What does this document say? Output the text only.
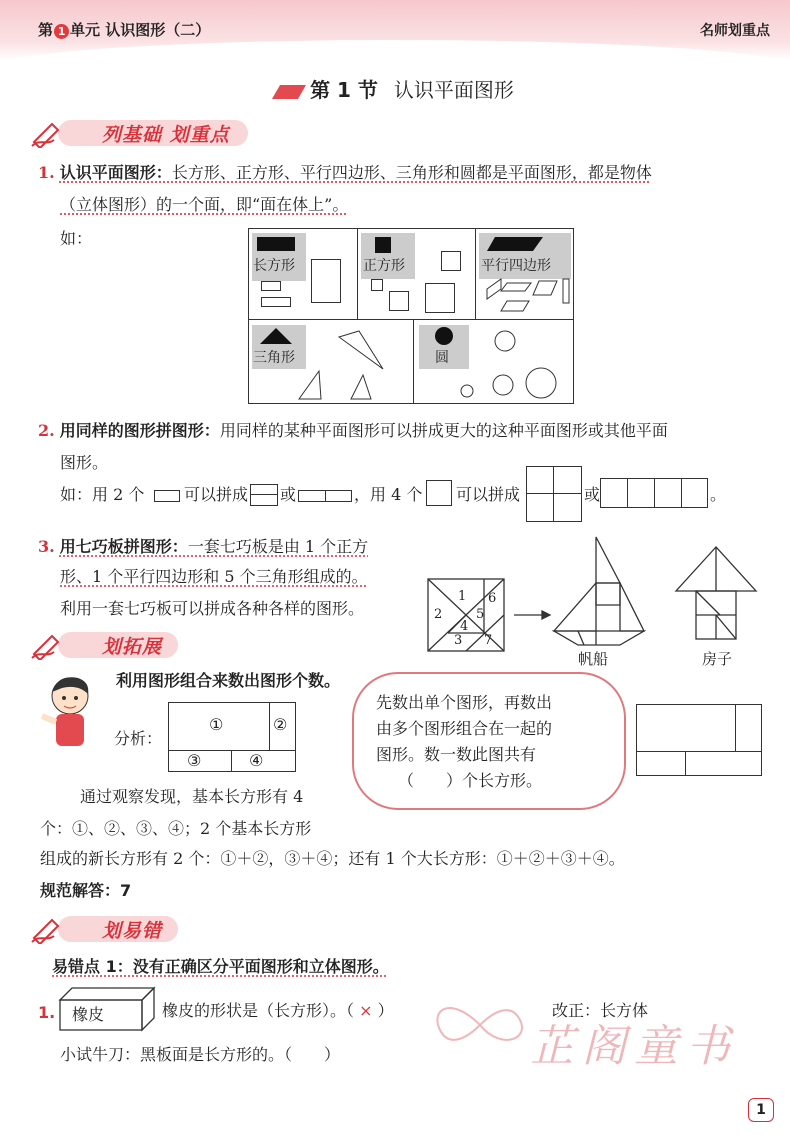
第 1 单元 认识图形（二）	名师划重点
第 1 节 认识平面图形
列基础 划重点
1. 认识平面图形：长方形、正方形、平行四边形、三角形和圆都是平面图形，都是物体
（立体图形）的一个面，即“面在体上”。
如：
长方形	正方形	平行四边形
三角形	圆
2. 用同样的图形拼图形：用同样的某种平面图形可以拼成更大的这种平面图形或其他平面
图形。
如：用 2 个 可以拼成 或	，用 4 个 可以拼成	或	。
3. 用七巧板拼图形：一套七巧板是由 1 个正方
形、1 个平行四边形和 5 个三角形组成的。
利用一套七巧板可以拼成各种各样的图形。
1
2
3
4
5
6
7
帆船	房子
划拓展
利用图形组合来数出图形个数。
分析：
①	②
③	④
先数出单个图形，再数出
由多个图形组合在一起的
图形。数一数此图共有
（　　）个长方形。
通过观察发现，基本长方形有 4
个：①、②、③、④；2 个基本长方形
组成的新长方形有 2 个：①＋②，③＋④；还有 1 个大长方形：①＋②＋③＋④。
规范解答：7
划易错
易错点 1：没有正确区分平面图形和立体图形。
1. 橡皮	橡皮的形状是（长方形）。（ × ）	改正：长方体
芷阁童书
小试牛刀：黑板面是长方形的。（　　）
1
